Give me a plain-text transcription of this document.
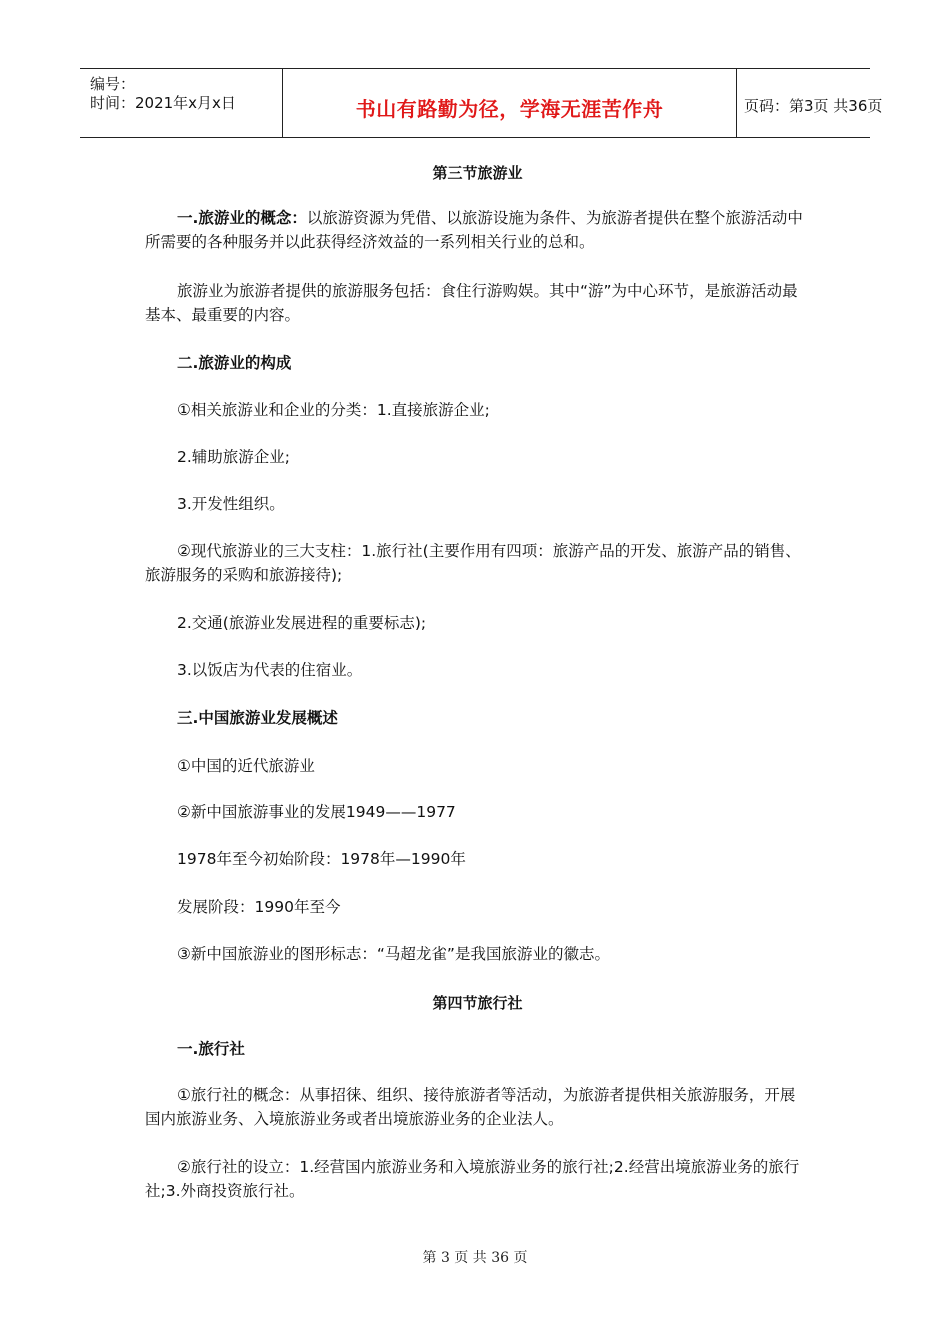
编号：
时间：2021年x月x日	书山有路勤为径，学海无涯苦作舟	页码：第3页 共36页
第三节旅游业
一.旅游业的概念：以旅游资源为凭借、以旅游设施为条件、为旅游者提供在整个旅游活动中所需要的各种服务并以此获得经济效益的一系列相关行业的总和。
旅游业为旅游者提供的旅游服务包括：食住行游购娱。其中“游”为中心环节，是旅游活动最基本、最重要的内容。
二.旅游业的构成
①相关旅游业和企业的分类：1.直接旅游企业;
2.辅助旅游企业;
3.开发性组织。
②现代旅游业的三大支柱：1.旅行社(主要作用有四项：旅游产品的开发、旅游产品的销售、旅游服务的采购和旅游接待);
2.交通(旅游业发展进程的重要标志);
3.以饭店为代表的住宿业。
三.中国旅游业发展概述
①中国的近代旅游业
②新中国旅游事业的发展1949——1977
1978年至今初始阶段：1978年—1990年
发展阶段：1990年至今
③新中国旅游业的图形标志：“马超龙雀”是我国旅游业的徽志。
第四节旅行社
一.旅行社
①旅行社的概念：从事招徕、组织、接待旅游者等活动，为旅游者提供相关旅游服务，开展国内旅游业务、入境旅游业务或者出境旅游业务的企业法人。
②旅行社的设立：1.经营国内旅游业务和入境旅游业务的旅行社;2.经营出境旅游业务的旅行社;3.外商投资旅行社。
第 3 页 共 36 页
